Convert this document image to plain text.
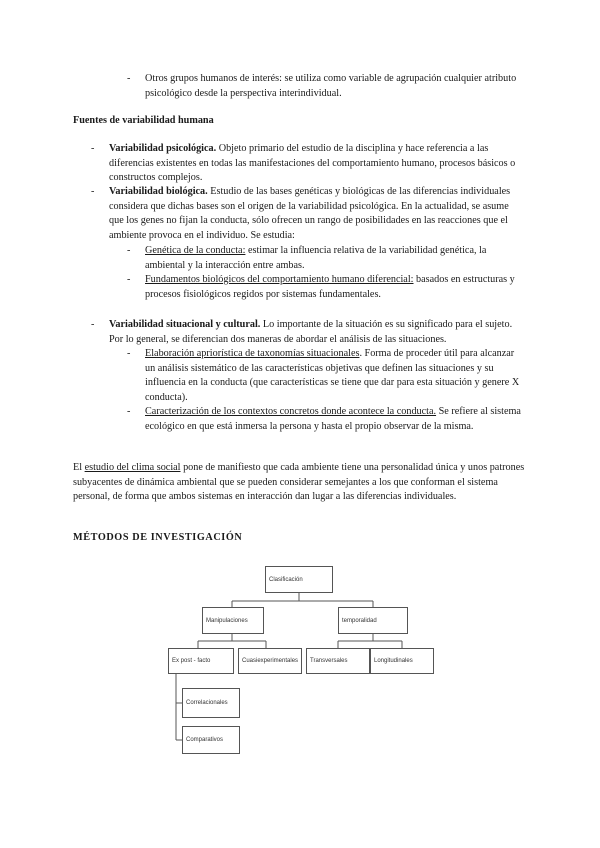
- Otros grupos humanos de interés: se utiliza como variable de agrupación cualquier atributo psicológico desde la perspectiva interindividual.
Fuentes de variabilidad humana
- Variabilidad psicológica. Objeto primario del estudio de la disciplina y hace referencia a las diferencias existentes en todas las manifestaciones del comportamiento humano, procesos básicos o constructos complejos.
- Variabilidad biológica. Estudio de las bases genéticas y biológicas de las diferencias individuales considera que dichas bases son el origen de la variabilidad psicológica. En la actualidad, se asume que los genes no fijan la conducta, sólo ofrecen un rango de posibilidades en las reacciones que el ambiente provoca en el individuo. Se estudia:
- Genética de la conducta: estimar la influencia relativa de la variabilidad genética, la ambiental y la interacción entre ambas.
- Fundamentos biológicos del comportamiento humano diferencial: basados en estructuras y procesos fisiológicos regidos por sistemas fundamentales.
- Variabilidad situacional y cultural. Lo importante de la situación es su significado para el sujeto. Por lo general, se diferencian dos maneras de abordar el análisis de las situaciones.
- Elaboración apriorística de taxonomías situacionales. Forma de proceder útil para alcanzar un análisis sistemático de las características objetivas que definen las situaciones y su influencia en la conducta (que características se tiene que dar para esta situación y genere X conducta).
- Caracterización de los contextos concretos donde acontece la conducta. Se refiere al sistema ecológico en que está inmersa la persona y hasta el propio observar de la misma.
El estudio del clima social pone de manifiesto que cada ambiente tiene una personalidad única y unos patrones subyacentes de dinámica ambiental que se pueden considerar semejantes a los que conforman el sistema personal, de forma que ambos sistemas en interacción dan lugar a las diferencias individuales.
MÉTODOS DE INVESTIGACIÓN
Clasificación
Manipulaciones	temporalidad
Ex post - facto	Cuasiexperimentales	Transversales	Longitudinales
Correlacionales
Comparativos
